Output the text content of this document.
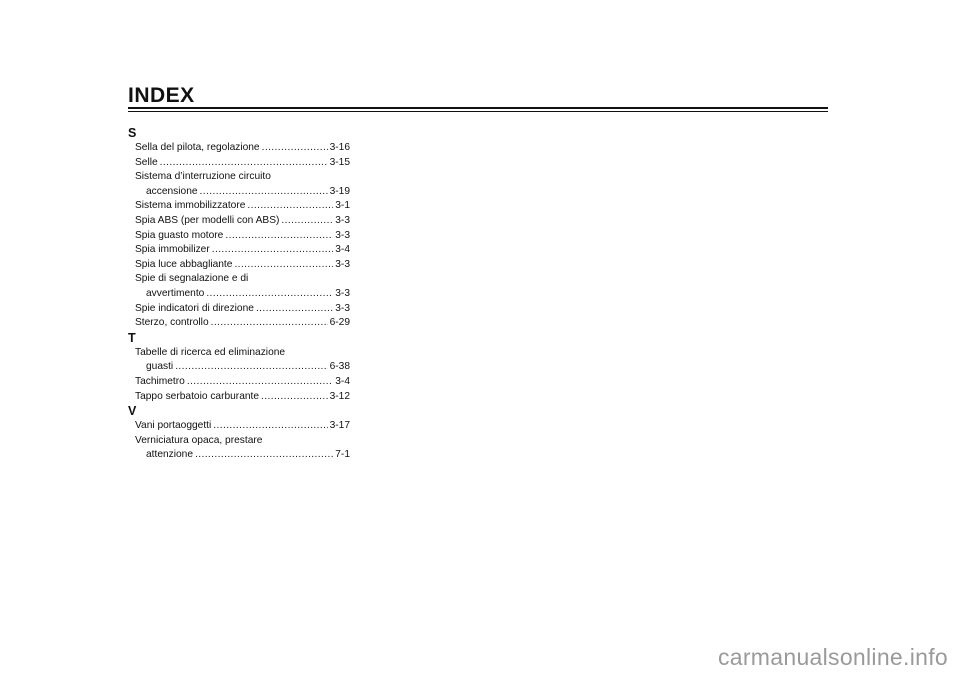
INDEX
S
Sella del pilota, regolazione .....	3-16
Selle .....	3-15
Sistema d’interruzione circuito
accensione .....	3-19
Sistema immobilizzatore .....	3-1
Spia ABS (per modelli con ABS) .....	3-3
Spia guasto motore .....	3-3
Spia immobilizer .....	3-4
Spia luce abbagliante .....	3-3
Spie di segnalazione e di
avvertimento .....	3-3
Spie indicatori di direzione .....	3-3
Sterzo, controllo .....	6-29
T
Tabelle di ricerca ed eliminazione
guasti .....	6-38
Tachimetro .....	3-4
Tappo serbatoio carburante .....	3-12
V
Vani portaoggetti .....	3-17
Verniciatura opaca, prestare
attenzione .....	7-1
carmanualsonline.info
